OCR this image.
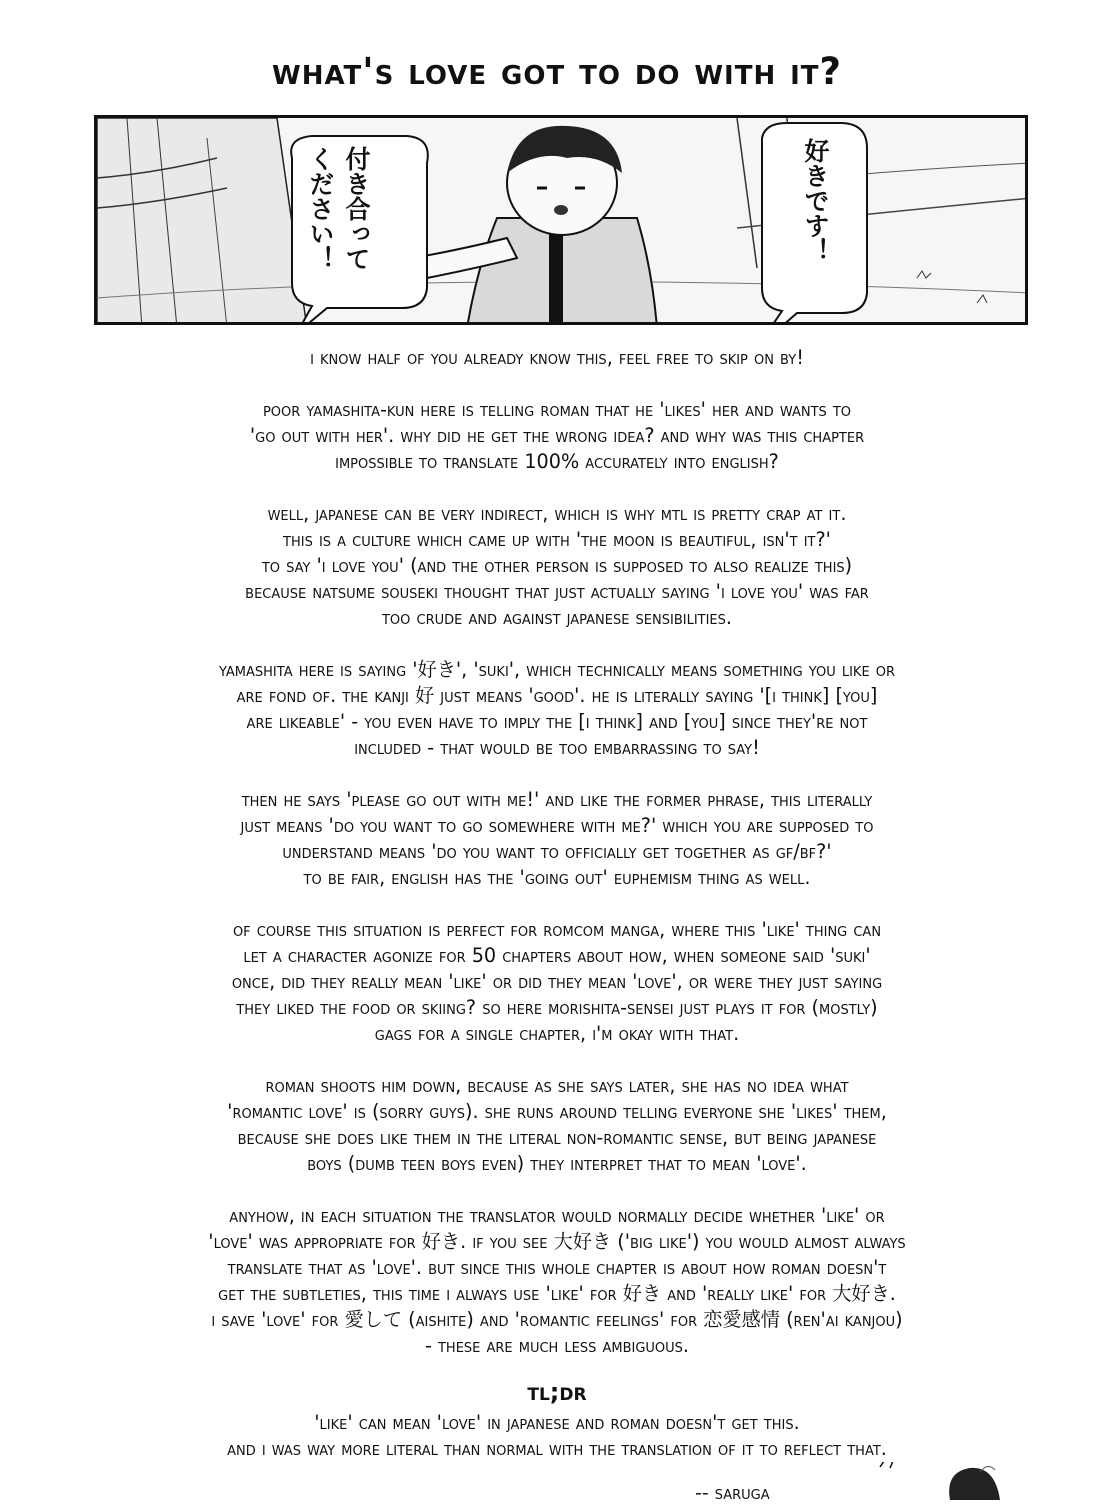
what's love got to do with it?
付き合って
ください！	好きです！

i know half of you already know this, feel free to skip on by!

poor yamashita-kun here is telling roman that he 'likes' her and wants to
'go out with her'. why did he get the wrong idea? and why was this chapter
impossible to translate 100% accurately into english?

well, japanese can be very indirect, which is why mtl is pretty crap at it.
this is a culture which came up with 'the moon is beautiful, isn't it?'
to say 'i love you' (and the other person is supposed to also realize this)
because natsume souseki thought that just actually saying 'i love you' was far
too crude and against japanese sensibilities.

yamashita here is saying '好き', 'suki', which technically means something you like or
are fond of. the kanji 好 just means 'good'. he is literally saying '[i think] [you]
are likeable' - you even have to imply the [i think] and [you] since they're not
included - that would be too embarrassing to say!

then he says 'please go out with me!' and like the former phrase, this literally
just means 'do you want to go somewhere with me?' which you are supposed to
understand means 'do you want to officially get together as gf/bf?'
to be fair, english has the 'going out' euphemism thing as well.

of course this situation is perfect for romcom manga, where this 'like' thing can
let a character agonize for 50 chapters about how, when someone said 'suki'
once, did they really mean 'like' or did they mean 'love', or were they just saying
they liked the food or skiing? so here morishita-sensei just plays it for (mostly)
gags for a single chapter, i'm okay with that.

roman shoots him down, because as she says later, she has no idea what
'romantic love' is (sorry guys). she runs around telling everyone she 'likes' them,
because she does like them in the literal non-romantic sense, but being japanese
boys (dumb teen boys even) they interpret that to mean 'love'.

anyhow, in each situation the translator would normally decide whether 'like' or
'love' was appropriate for 好き. if you see 大好き ('big like') you would almost always
translate that as 'love'. but since this whole chapter is about how roman doesn't
get the subtleties, this time i always use 'like' for 好き and 'really like' for 大好き.
i save 'love' for 愛して (aishite) and 'romantic feelings' for 恋愛感情 (ren'ai kanjou)
- these are much less ambiguous.

tl;dr
'like' can mean 'love' in japanese and roman doesn't get this.
and i was way more literal than normal with the translation of it to reflect that.
-- saruga
